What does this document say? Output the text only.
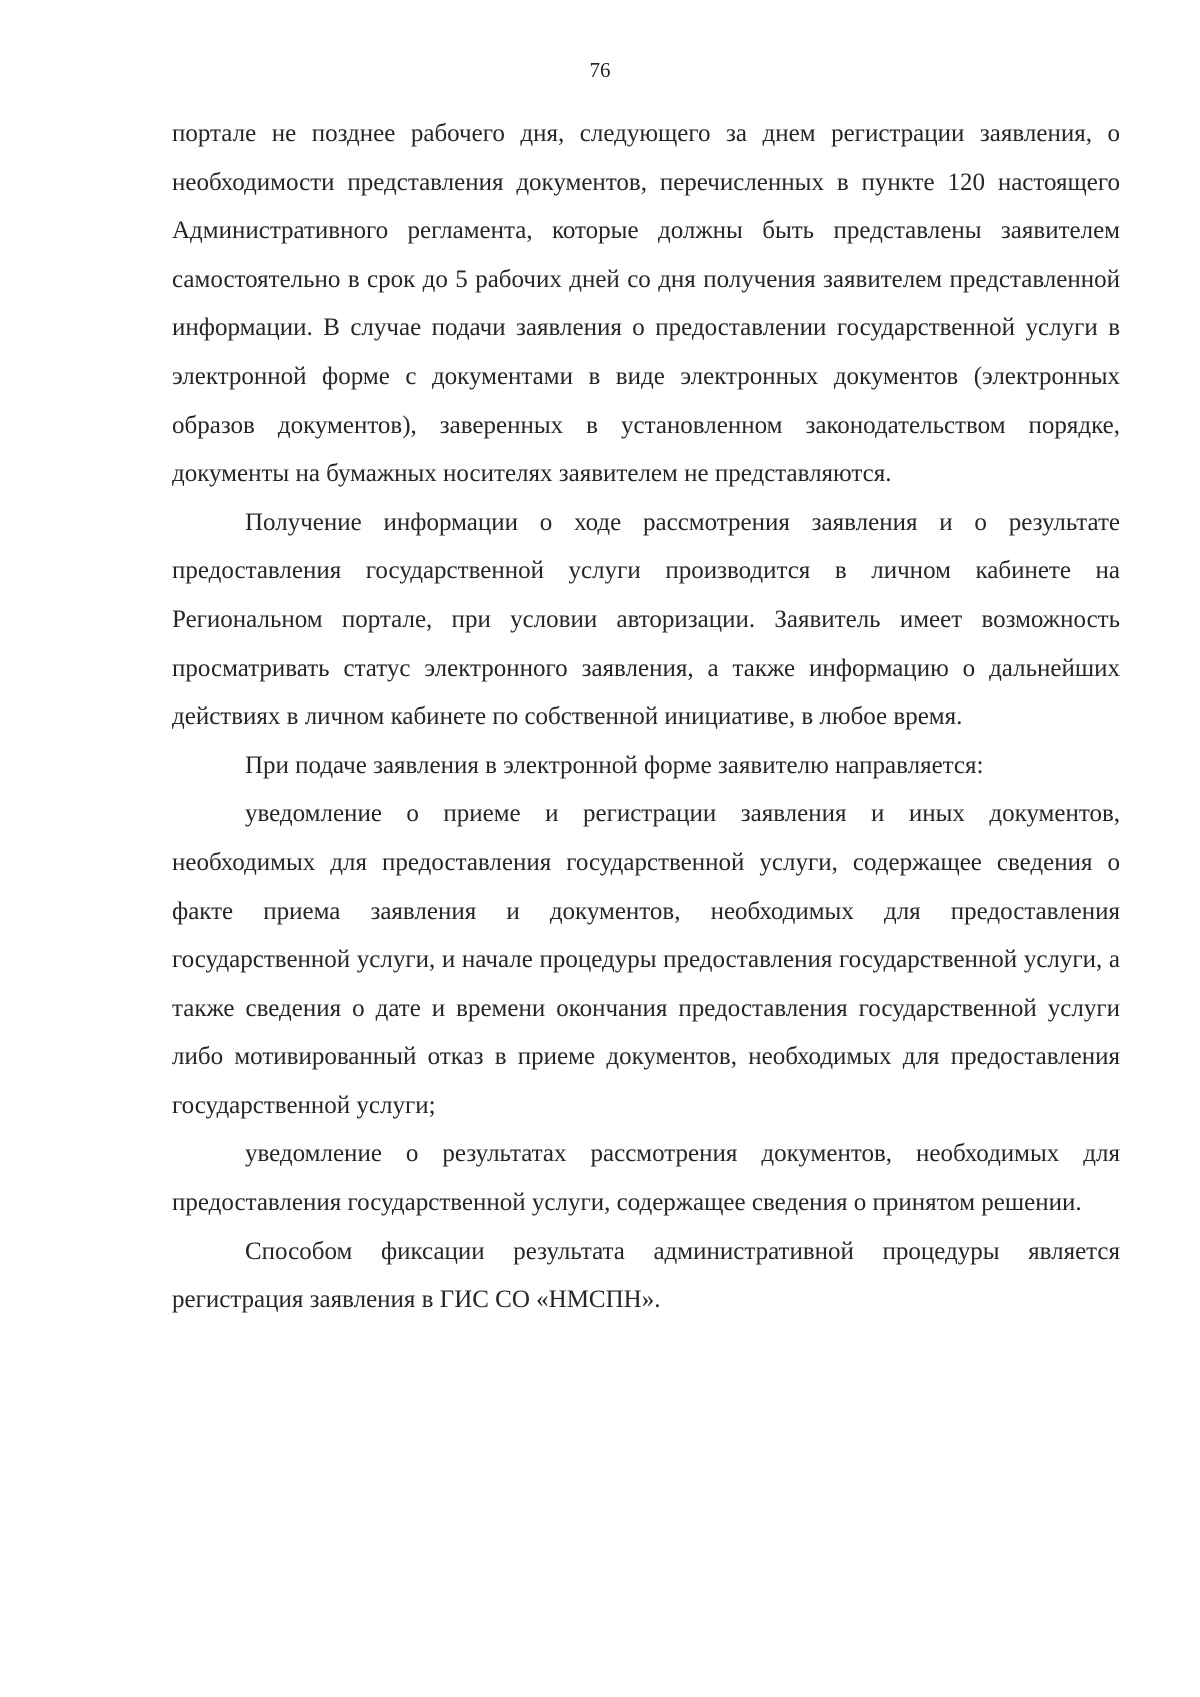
76

портале не позднее рабочего дня, следующего за днем регистрации заявления, о необходимости представления документов, перечисленных в пункте 120 настоящего Административного регламента, которые должны быть представлены заявителем самостоятельно в срок до 5 рабочих дней со дня получения заявителем представленной информации. В случае подачи заявления о предоставлении государственной услуги в электронной форме с документами в виде электронных документов (электронных образов документов), заверенных в установленном законодательством порядке, документы на бумажных носителях заявителем не представляются.

Получение информации о ходе рассмотрения заявления и о результате предоставления государственной услуги производится в личном кабинете на Региональном портале, при условии авторизации. Заявитель имеет возможность просматривать статус электронного заявления, а также информацию о дальнейших действиях в личном кабинете по собственной инициативе, в любое время.

При подаче заявления в электронной форме заявителю направляется:

уведомление о приеме и регистрации заявления и иных документов, необходимых для предоставления государственной услуги, содержащее сведения о факте приема заявления и документов, необходимых для предоставления государственной услуги, и начале процедуры предоставления государственной услуги, а также сведения о дате и времени окончания предоставления государственной услуги либо мотивированный отказ в приеме документов, необходимых для предоставления государственной услуги;

уведомление о результатах рассмотрения документов, необходимых для предоставления государственной услуги, содержащее сведения о принятом решении.

Способом фиксации результата административной процедуры является регистрация заявления в ГИС СО «НМСПН».
